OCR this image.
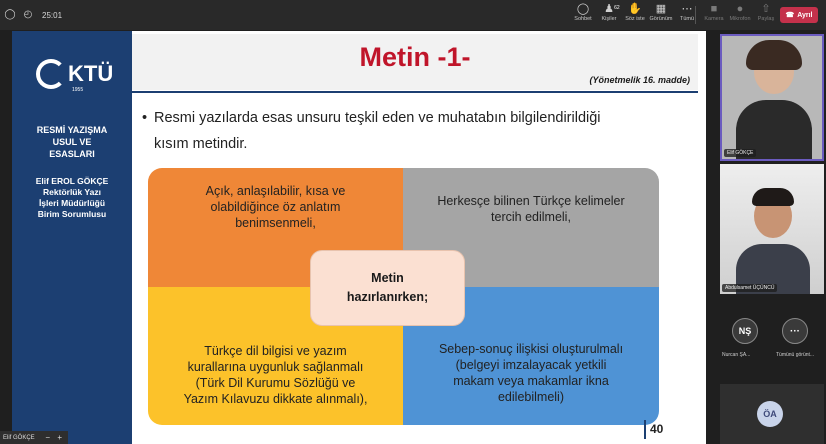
◯ ◴ 25:01	◯
Sohbet
♟ 62
Kişiler
✋
Söz iste
▦
Görünüm
⋯
Tümü
■
Kamera
●
Mikrofon
⇧
Paylaş ☎ Ayrıl
KTÜ
1955
RESMİ YAZIŞMA
USUL VE
ESASLARI
Elif EROL GÖKÇE
Rektörlük Yazı
İşleri Müdürlüğü
Birim Sorumlusu
Metin -1-
(Yönetmelik 16. madde)
• Resmi yazılarda esas unsuru teşkil eden ve muhatabın bilgilendirildiği
kısım metindir.
Açık, anlaşılabilir, kısa ve
olabildiğince öz anlatım
benimsenmeli,
Herkesçe bilinen Türkçe kelimeler
tercih edilmeli,
Türkçe dil bilgisi ve yazım
kurallarına uygunluk sağlanmalı
(Türk Dil Kurumu Sözlüğü ve
Yazım Kılavuzu dikkate alınmalı),
Sebep-sonuç ilişkisi oluşturulmalı
(belgeyi imzalayacak yetkili
makam veya makamlar ikna
edilebilmeli)
Metin
hazırlanırken;
40
Elif GÖKÇE	− +
Elif GÖKÇE
Abdulsamet ÜÇÜNCÜ
NŞ
Nurcan ŞA...
···
Tümünü görünt...
ÖA
